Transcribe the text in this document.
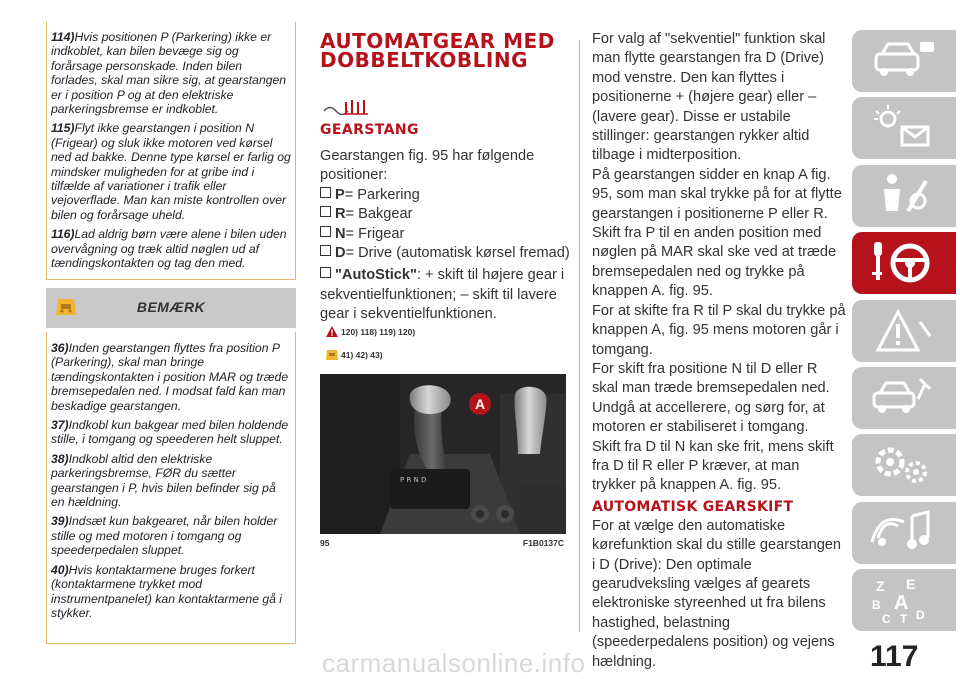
114)Hvis positionen P (Parkering) ikke er indkoblet, kan bilen bevæge sig og forårsage personskade. Inden bilen forlades, skal man sikre sig, at gearstangen er i position P og at den elektriske parkeringsbremse er indkoblet.

115)Flyt ikke gearstangen i position N (Frigear) og sluk ikke motoren ved kørsel ned ad bakke. Denne type kørsel er farlig og mindsker muligheden for at gribe ind i tilfælde af variationer i trafik eller vejoverflade. Man kan miste kontrollen over bilen og forårsage uheld.

116)Lad aldrig børn være alene i bilen uden overvågning og træk altid nøglen ud af tændingskontakten og tag den med.

BEMÆRK

36)Inden gearstangen flyttes fra position P (Parkering), skal man bringe tændingskontakten i position MAR og træde bremsepedalen ned. I modsat fald kan man beskadige gearstangen.

37)Indkobl kun bakgear med bilen holdende stille, i tomgang og speederen helt sluppet.

38)Indkobl altid den elektriske parkeringsbremse, FØR du sætter gearstangen i P, hvis bilen befinder sig på en hældning.

39)Indsæt kun bakgearet, når bilen holder stille og med motoren i tomgang og speederpedalen sluppet.

40)Hvis kontaktarmene bruges forkert (kontaktarmene trykket mod instrumentpanelet) kan kontaktarmene gå i stykker.

AUTOMATGEAR MED DOBBELTKOBLING
GEARSTANG

Gearstangen fig. 95 har følgende positioner:

P= Parkering
R= Bakgear
N= Frigear
D= Drive (automatisk kørsel fremad)
"AutoStick": + skift til højere gear i sekventielfunktionen; – skift til lavere gear i sekventielfunktionen.
120) 118) 119) 120)
41) 42) 43)
P R N D
A
95	F1B0137C

For valg af "sekventiel" funktion skal man flytte gearstangen fra D (Drive) mod venstre. Den kan flyttes i positionerne + (højere gear) eller – (lavere gear). Disse er ustabile stillinger: gearstangen rykker altid tilbage i midterposition.

På gearstangen sidder en knap A fig. 95, som man skal trykke på for at flytte gearstangen i positionerne P eller R.

Skift fra P til en anden position med nøglen på MAR skal ske ved at træde bremsepedalen ned og trykke på knappen A. fig. 95.

For at skifte fra R til P skal du trykke på knappen A, fig. 95 mens motoren går i tomgang.

For skift fra positione N til D eller R skal man træde bremsepedalen ned. Undgå at accellerere, og sørg for, at motoren er stabiliseret i tomgang.

Skift fra D til N kan ske frit, mens skift fra D til R eller P kræver, at man trykker på knappen A. fig. 95.

AUTOMATISK GEARSKIFT

For at vælge den automatiske kørefunktion skal du stille gearstangen i D (Drive): Den optimale gearudveksling vælges af gearets elektroniske styreenhed ut fra bilens hastighed, belastning (speederpedalens position) og vejens hældning.

Z E
B A
C T D
117
carmanualsonline.info
